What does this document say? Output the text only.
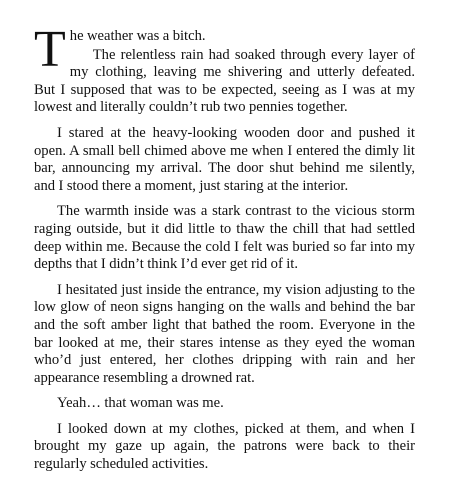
T he weather was a bitch.
The relentless rain had soaked through every layer of my clothing, leaving me shivering and utterly defeated. But I supposed that was to be expected, seeing as I was at my lowest and literally couldn’t rub two pennies together.

I stared at the heavy-looking wooden door and pushed it open. A small bell chimed above me when I entered the dimly lit bar, announcing my arrival. The door shut behind me silently, and I stood there a moment, just staring at the interior.

The warmth inside was a stark contrast to the vicious storm raging outside, but it did little to thaw the chill that had settled deep within me. Because the cold I felt was buried so far into my depths that I didn’t think I’d ever get rid of it.

I hesitated just inside the entrance, my vision adjusting to the low glow of neon signs hanging on the walls and behind the bar and the soft amber light that bathed the room. Everyone in the bar looked at me, their stares intense as they eyed the woman who’d just entered, her clothes dripping with rain and her appearance resembling a drowned rat.

Yeah… that woman was me.

I looked down at my clothes, picked at them, and when I brought my gaze up again, the patrons were back to their regularly scheduled activities.
